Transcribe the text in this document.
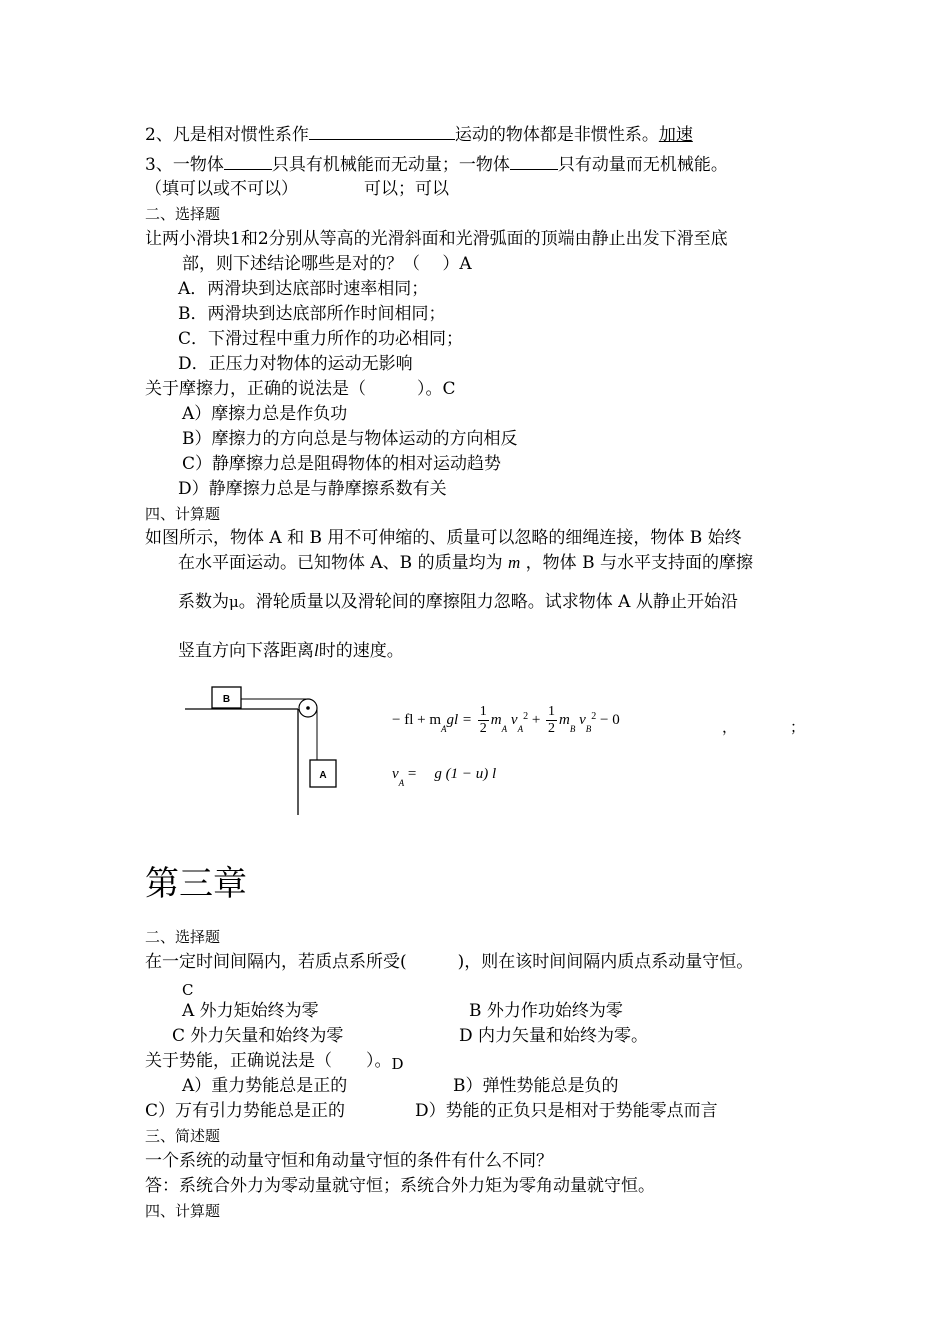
2、凡是相对惯性系作	运动的物体都是非惯性系。加速
3、一物体	只具有机械能而无动量；一物体	只有动量而无机械能。
（填可以或不可以）	可以；可以
二、选择题
让两小滑块1和2分别从等高的光滑斜面和光滑弧面的顶端由静止出发下滑至底
部，则下述结论哪些是对的？（　 ）A
A．两滑块到达底部时速率相同；
B．两滑块到达底部所作时间相同；
C．下滑过程中重力所作的功必相同；
D．正压力对物体的运动无影响
关于摩擦力，正确的说法是（　　　）。C
A）摩擦力总是作负功
B）摩擦力的方向总是与物体运动的方向相反
C）静摩擦力总是阻碍物体的相对运动趋势
D）静摩擦力总是与静摩擦系数有关
四、计算题
如图所示，物体 A 和 B 用不可伸缩的、质量可以忽略的细绳连接，物体 B 始终
在水平面运动。已知物体 A、B 的质量均为 m ，物体 B 与水平支持面的摩擦
系数为μ。滑轮质量以及滑轮间的摩擦阻力忽略。试求物体 A 从静止开始沿
竖直方向下落距离l时的速度。
B
A
− fl + $m_Agl = \frac{1}{2} m_A$ $v_A^2 + \frac{1}{2} m_B$ $v_B^2 - 0$
，	；
$v_A = g$ (1 − u) l
第三章
二、选择题
在一定时间间隔内，若质点系所受(　　　)，则在该时间间隔内质点系动量守恒。
C
A 外力矩始终为零	B 外力作功始终为零
C 外力矢量和始终为零	D 内力矢量和始终为零。
关于势能，正确说法是（　　）。D
A）重力势能总是正的	B）弹性势能总是负的
C）万有引力势能总是正的	D）势能的正负只是相对于势能零点而言
三、简述题
一个系统的动量守恒和角动量守恒的条件有什么不同？
答：系统合外力为零动量就守恒；系统合外力矩为零角动量就守恒。
四、计算题
